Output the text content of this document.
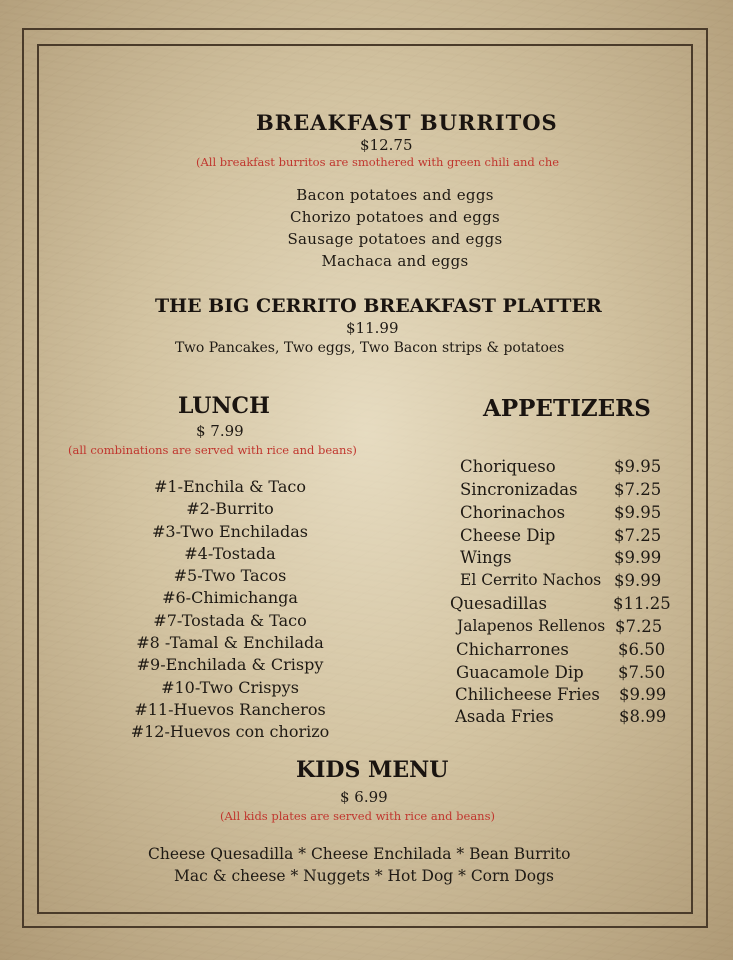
BREAKFAST BURRITOS
$12.75
(All breakfast burritos are smothered with green chili and che
Bacon potatoes and eggs
Chorizo potatoes and eggs
Sausage potatoes and eggs
Machaca and eggs
THE BIG CERRITO BREAKFAST PLATTER
$11.99
Two Pancakes, Two eggs, Two Bacon strips & potatoes
LUNCH
$ 7.99
(all combinations are served with rice and beans)
#1-Enchila & Taco
#2-Burrito
#3-Two Enchiladas
#4-Tostada
#5-Two Tacos
#6-Chimichanga
#7-Tostada & Taco
#8 -Tamal & Enchilada
#9-Enchilada & Crispy
#10-Two Crispys
#11-Huevos Rancheros
#12-Huevos con chorizo
APPETIZERS
Choriqueso	$9.95
Sincronizadas $7.25
Chorinachos	$9.95
Cheese Dip	$7.25
Wings	$9.99
El Cerrito Nachos $9.99
Quesadillas	$11.25
Jalapenos Rellenos $7.25
Chicharrones	$6.50
Guacamole Dip $7.50
Chilicheese Fries $9.99
Asada Fries	$8.99
KIDS MENU
$ 6.99
(All kids plates are served with rice and beans)
Cheese Quesadilla * Cheese Enchilada * Bean Burrito
Mac & cheese * Nuggets * Hot Dog * Corn Dogs
